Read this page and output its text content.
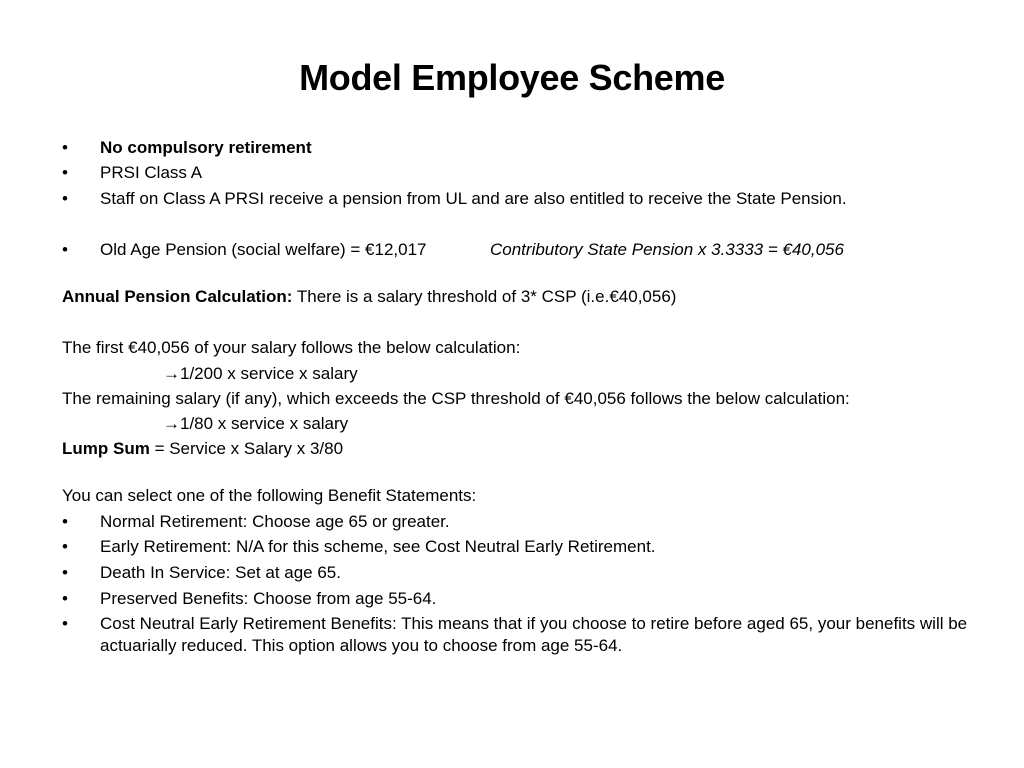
Model Employee Scheme
• No compulsory retirement
• PRSI Class A
• Staff on Class A PRSI receive a pension from UL and are also entitled to receive the State Pension.
• Old Age Pension (social welfare) = €12,017	Contributory State Pension x 3.3333 = €40,056
Annual Pension Calculation: There is a salary threshold of 3* CSP (i.e.€40,056)
The first €40,056 of your salary follows the below calculation:
→1/200 x service x salary
The remaining salary (if any), which exceeds the CSP threshold of €40,056 follows the below calculation:
→1/80 x service x salary
Lump Sum = Service x Salary x 3/80
You can select one of the following Benefit Statements:
• Normal Retirement: Choose age 65 or greater.
• Early Retirement: N/A for this scheme, see Cost Neutral Early Retirement.
• Death In Service: Set at age 65.
• Preserved Benefits: Choose from age 55-64.
• Cost Neutral Early Retirement Benefits: This means that if you choose to retire before aged 65, your benefits will be actuarially reduced. This option allows you to choose from age 55-64.
